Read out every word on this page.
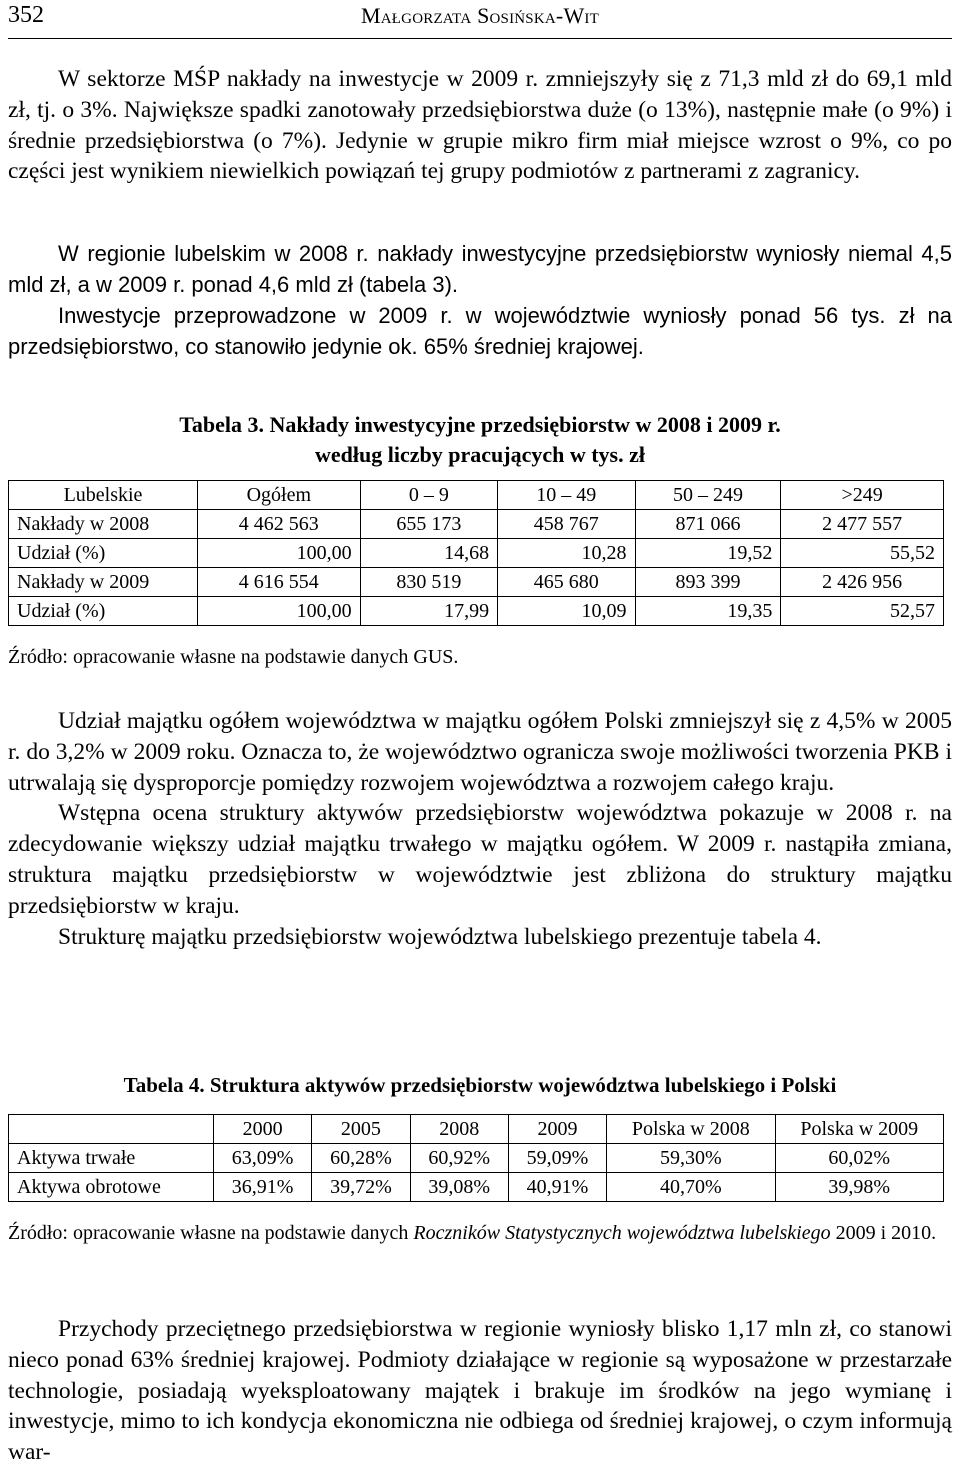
352	Małgorzata Sosińska-Wit

W sektorze MŚP nakłady na inwestycje w 2009 r. zmniejszyły się z 71,3 mld zł do 69,1 mld zł, tj. o 3%. Największe spadki zanotowały przedsiębiorstwa duże (o 13%), następnie małe (o 9%) i średnie przedsiębiorstwa (o 7%). Jedynie w grupie mikro firm miał miejsce wzrost o 9%, co po części jest wynikiem niewielkich powiązań tej grupy podmiotów z partnerami z zagranicy.

W regionie lubelskim w 2008 r. nakłady inwestycyjne przedsiębiorstw wyniosły niemal 4,5 mld zł, a w 2009 r. ponad 4,6 mld zł (tabela 3).

Inwestycje przeprowadzone w 2009 r. w województwie wyniosły ponad 56 tys. zł na przedsiębiorstwo, co stanowiło jedynie ok. 65% średniej krajowej.

Tabela 3. Nakłady inwestycyjne przedsiębiorstw w 2008 i 2009 r.
według liczby pracujących w tys. zł
Lubelskie	Ogółem	0 – 9	10 – 49	50 – 249	>249
Nakłady w 2008	4 462 563	655 173	458 767	871 066	2 477 557
Udział (%)	100,00	14,68	10,28	19,52	55,52
Nakłady w 2009	4 616 554	830 519	465 680	893 399	2 426 956
Udział (%)	100,00	17,99	10,09	19,35	52,57
Źródło: opracowanie własne na podstawie danych GUS.

Udział majątku ogółem województwa w majątku ogółem Polski zmniejszył się z 4,5% w 2005 r. do 3,2% w 2009 roku. Oznacza to, że województwo ogranicza swoje możliwości tworzenia PKB i utrwalają się dysproporcje pomiędzy rozwojem województwa a rozwojem całego kraju.

Wstępna ocena struktury aktywów przedsiębiorstw województwa pokazuje w 2008 r. na zdecydowanie większy udział majątku trwałego w majątku ogółem. W 2009 r. nastąpiła zmiana, struktura majątku przedsiębiorstw w województwie jest zbliżona do struktury majątku przedsiębiorstw w kraju.

Strukturę majątku przedsiębiorstw województwa lubelskiego prezentuje tabela 4.

Tabela 4. Struktura aktywów przedsiębiorstw województwa lubelskiego i Polski
	2000	2005	2008	2009	Polska w 2008	Polska w 2009
Aktywa trwałe	63,09%	60,28%	60,92%	59,09%	59,30%	60,02%
Aktywa obrotowe	36,91%	39,72%	39,08%	40,91%	40,70%	39,98%
Źródło: opracowanie własne na podstawie danych Roczników Statystycznych województwa lubelskiego 2009 i 2010.

Przychody przeciętnego przedsiębiorstwa w regionie wyniosły blisko 1,17 mln zł, co stanowi nieco ponad 63% średniej krajowej. Podmioty działające w regionie są wyposażone w przestarzałe technologie, posiadają wyeksploatowany majątek i brakuje im środków na jego wymianę i inwestycje, mimo to ich kondycja ekonomiczna nie odbiega od średniej krajowej, o czym informują war-
